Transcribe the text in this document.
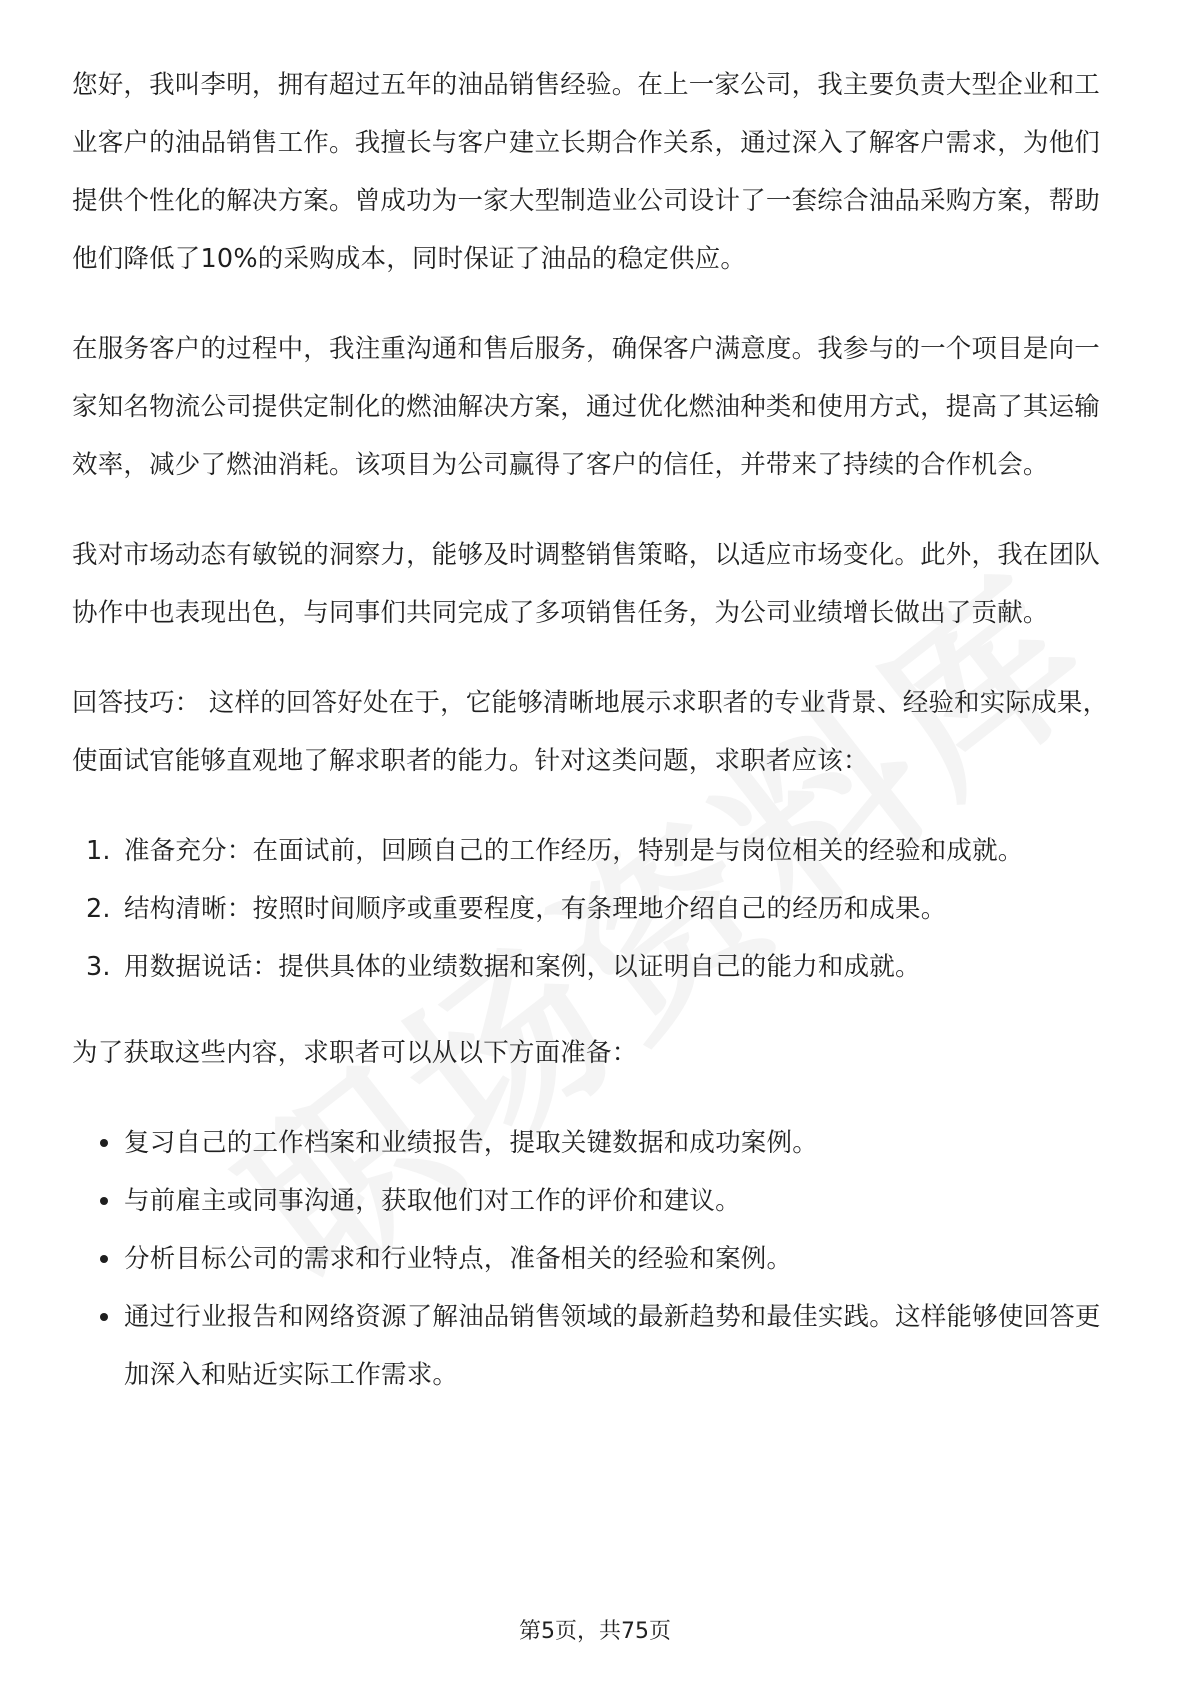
您好，我叫李明，拥有超过五年的油品销售经验。在上一家公司，我主要负责大型企业和工业客户的油品销售工作。我擅长与客户建立长期合作关系，通过深入了解客户需求，为他们提供个性化的解决方案。曾成功为一家大型制造业公司设计了一套综合油品采购方案，帮助他们降低了10%的采购成本，同时保证了油品的稳定供应。

在服务客户的过程中，我注重沟通和售后服务，确保客户满意度。我参与的一个项目是向一家知名物流公司提供定制化的燃油解决方案，通过优化燃油种类和使用方式，提高了其运输效率，减少了燃油消耗。该项目为公司赢得了客户的信任，并带来了持续的合作机会。

我对市场动态有敏锐的洞察力，能够及时调整销售策略，以适应市场变化。此外，我在团队协作中也表现出色，与同事们共同完成了多项销售任务，为公司业绩增长做出了贡献。

回答技巧： 这样的回答好处在于，它能够清晰地展示求职者的专业背景、经验和实际成果，使面试官能够直观地了解求职者的能力。针对这类问题，求职者应该：

1. 准备充分：在面试前，回顾自己的工作经历，特别是与岗位相关的经验和成就。
2. 结构清晰：按照时间顺序或重要程度，有条理地介绍自己的经历和成果。
3. 用数据说话：提供具体的业绩数据和案例，以证明自己的能力和成就。

为了获取这些内容，求职者可以从以下方面准备：

复习自己的工作档案和业绩报告，提取关键数据和成功案例。
与前雇主或同事沟通，获取他们对工作的评价和建议。
分析目标公司的需求和行业特点，准备相关的经验和案例。
通过行业报告和网络资源了解油品销售领域的最新趋势和最佳实践。这样能够使回答更加深入和贴近实际工作需求。
第5页，共75页
